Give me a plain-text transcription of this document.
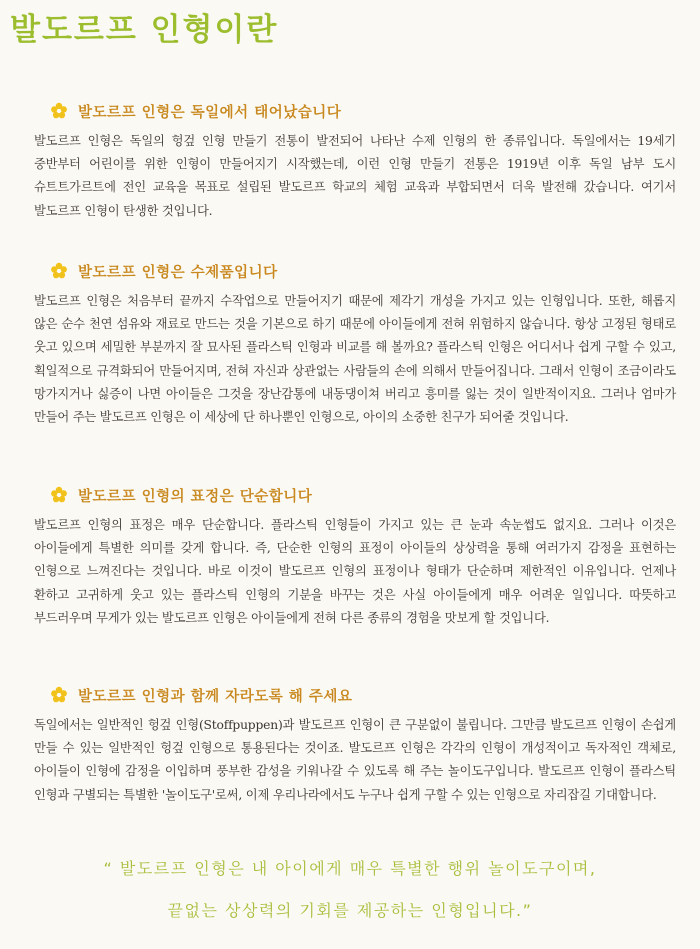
발도르프 인형이란
발도르프 인형은 독일에서 태어났습니다

발도르프 인형은 독일의 헝겊 인형 만들기 전통이 발전되어 나타난 수제 인형의 한 종류입니다. 독일에서는 19세기 중반부터 어린이를 위한 인형이 만들어지기 시작했는데, 이런 인형 만들기 전통은 1919년 이후 독일 남부 도시 슈트트가르트에 전인 교육을 목표로 설립된 발도르프 학교의 체험 교육과 부합되면서 더욱 발전해 갔습니다. 여기서 발도르프 인형이 탄생한 것입니다.

발도르프 인형은 수제품입니다

발도르프 인형은 처음부터 끝까지 수작업으로 만들어지기 때문에 제각기 개성을 가지고 있는 인형입니다. 또한, 해롭지 않은 순수 천연 섬유와 재료로 만드는 것을 기본으로 하기 때문에 아이들에게 전혀 위험하지 않습니다. 항상 고정된 형태로 웃고 있으며 세밀한 부분까지 잘 묘사된 플라스틱 인형과 비교를 해 볼까요? 플라스틱 인형은 어디서나 쉽게 구할 수 있고, 획일적으로 규격화되어 만들어지며, 전혀 자신과 상관없는 사람들의 손에 의해서 만들어집니다. 그래서 인형이 조금이라도 망가지거나 싫증이 나면 아이들은 그것을 장난감통에 내동댕이쳐 버리고 흥미를 잃는 것이 일반적이지요. 그러나 엄마가 만들어 주는 발도르프 인형은 이 세상에 단 하나뿐인 인형으로, 아이의 소중한 친구가 되어줄 것입니다.

발도르프 인형의 표정은 단순합니다

발도르프 인형의 표정은 매우 단순합니다. 플라스틱 인형들이 가지고 있는 큰 눈과 속눈썹도 없지요. 그러나 이것은 아이들에게 특별한 의미를 갖게 합니다. 즉, 단순한 인형의 표정이 아이들의 상상력을 통해 여러가지 감정을 표현하는 인형으로 느껴진다는 것입니다. 바로 이것이 발도르프 인형의 표정이나 형태가 단순하며 제한적인 이유입니다. 언제나 환하고 고귀하게 웃고 있는 플라스틱 인형의 기분을 바꾸는 것은 사실 아이들에게 매우 어려운 일입니다. 따뜻하고 부드러우며 무게가 있는 발도르프 인형은 아이들에게 전혀 다른 종류의 경험을 맛보게 할 것입니다.

발도르프 인형과 함께 자라도록 해 주세요

독일에서는 일반적인 헝겊 인형(Stoffpuppen)과 발도르프 인형이 큰 구분없이 불립니다. 그만큼 발도르프 인형이 손쉽게 만들 수 있는 일반적인 헝겊 인형으로 통용된다는 것이죠. 발도르프 인형은 각각의 인형이 개성적이고 독자적인 객체로, 아이들이 인형에 감정을 이입하며 풍부한 감성을 키워나갈 수 있도록 해 주는 놀이도구입니다. 발도르프 인형이 플라스틱 인형과 구별되는 특별한 '놀이도구'로써, 이제 우리나라에서도 누구나 쉽게 구할 수 있는 인형으로 자리잡길 기대합니다.

“ 발도르프 인형은 내 아이에게 매우 특별한 행위 놀이도구이며,
끝없는 상상력의 기회를 제공하는 인형입니다.”
